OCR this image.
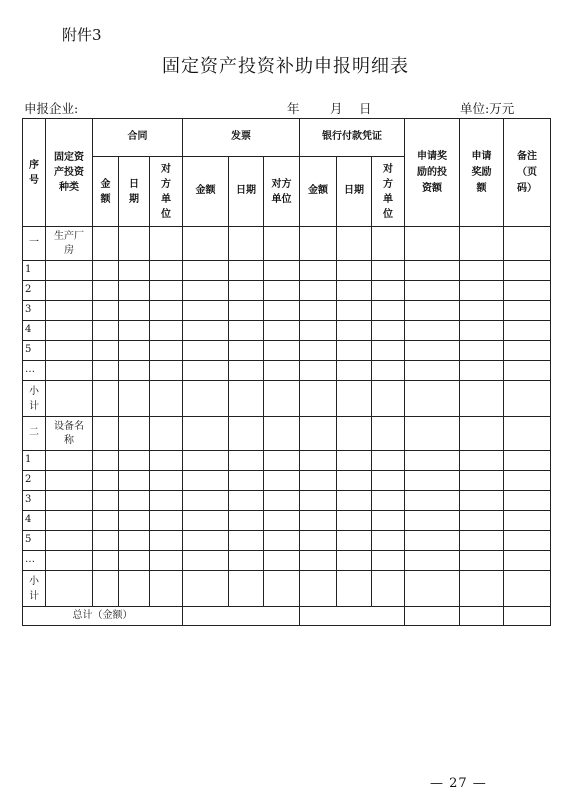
附件3
固定资产投资补助申报明细表
申报企业:	年 月 日	单位:万元
序号	固定资产投资种类	合同			发票			银行付款凭证			申请奖励的投资额	申请奖励额	备注（页码）

		金额	日期	对方单位	金额	日期	对方单位	金额	日期	对方单位			
一	生产厂房												

1													
2													
3													
4													
5													
…													
小计													
二	设备名称												

1													
2													
3													
4													
5													
…													
小计													
总计（金额）													
— 27 —
